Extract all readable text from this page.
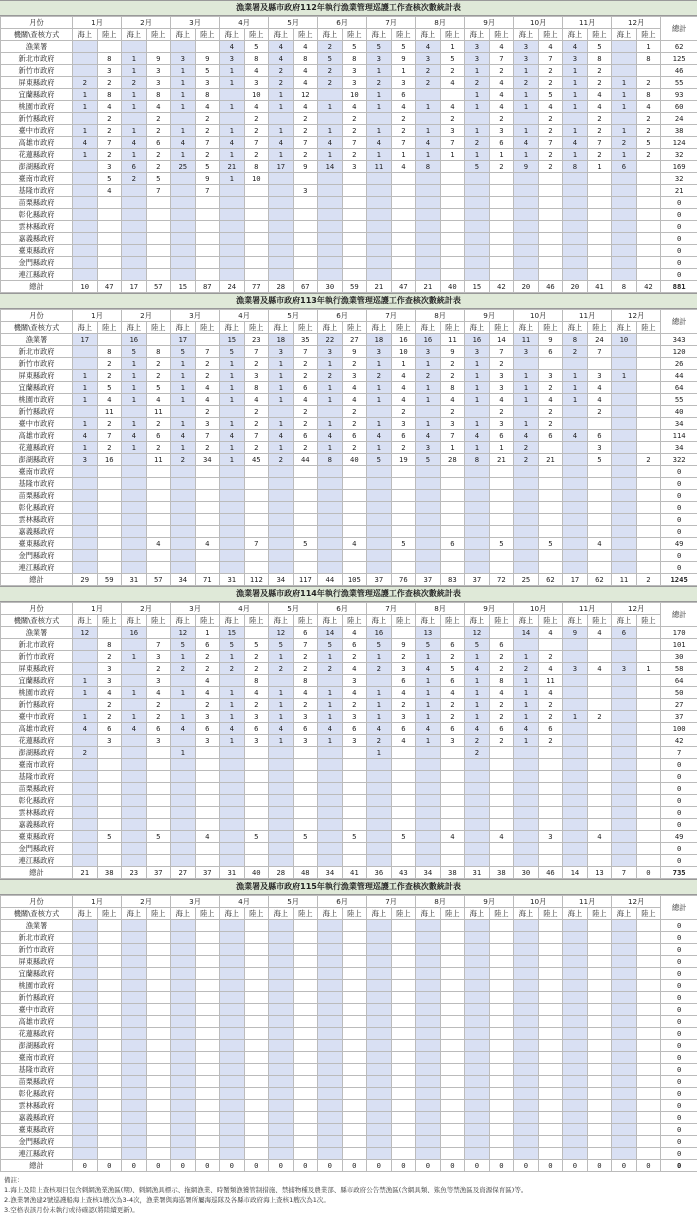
漁業署及縣市政府112年執行漁業管理巡護工作查核次數統計表
月份	1月		2月		3月		4月		5月		6月		7月		8月		9月		10月		11月		12月		總計
機關\查核方式	海上	陸上	海上	陸上	海上	陸上	海上	陸上	海上	陸上	海上	陸上	海上	陸上	海上	陸上	海上	陸上	海上	陸上	海上	陸上	海上	陸上	
漁業署							4	5	4	4	2	5	5	5	4	1	3	4	3	4	4	5		1	62
新北市政府		8	1	9	3	9	3	8	4	8	5	8	3	9	3	5	3	7	3	7	3	8		8	125
新竹市政府		3	1	3	1	5	1	4	2	4	2	3	1	1	2	2	1	2	1	2	1	2			46
屏東縣政府	2	2	2	3	1	3	1	3	2	4	2	3	2	3	2	4	2	4	2	2	1	2	1	2	55
宜蘭縣政府	1	8	1	8	1	8		10	1	12		10	1	6			1	4	1	5	1	4	1	8	93
桃園市政府	1	4	1	4	1	4	1	4	1	4	1	4	1	4	1	4	1	4	1	4	1	4	1	4	60
新竹縣政府		2		2		2		2		2		2		2		2		2		2		2		2	24
臺中市政府	1	2	1	2	1	2	1	2	1	2	1	2	1	2	1	3	1	3	1	2	1	2	1	2	38
高雄市政府	4	7	4	6	4	7	4	7	4	7	4	7	4	7	4	7	2	6	4	7	4	7	2	5	124
花蓮縣政府	1	2	1	2	1	2	1	2	1	2	1	2	1	1	1	1	1	1	1	2	1	2	1	2	32
澎湖縣政府		3	6	2	25	5	21	8	17	9	14	3	11	4	8		5	2	9	2	8	1	6		169
臺南市政府		5	2	5		9	1	10																	32
基隆市政府		4		7		7				3															21
苗栗縣政府																									0
彰化縣政府																									0
雲林縣政府																									0
嘉義縣政府																									0
臺東縣政府																									0
金門縣政府																									0
連江縣政府																									0
總計	10	47	17	57	15	87	24	77	28	67	30	59	21	47	21	40	15	42	20	46	20	41	8	42	881
漁業署及縣市政府113年執行漁業管理巡護工作查核次數統計表
月份	1月		2月		3月		4月		5月		6月		7月		8月		9月		10月		11月		12月		總計
機關\查核方式	海上	陸上	海上	陸上	海上	陸上	海上	陸上	海上	陸上	海上	陸上	海上	陸上	海上	陸上	海上	陸上	海上	陸上	海上	陸上	海上	陸上	
漁業署	17		16		17		15	23	18	35	22	27	18	16	16	11	16	14	11	9	8	24	10		343
新北市政府		8	5	8	5	7	5	7	3	7	3	9	3	10	3	9	3	7	3	6	2	7			120
新竹市政府		2	1	2	1	2	1	2	1	2	1	2	1	1	1	2	1	2							26
屏東縣政府	1	2	1	2	1	2	1	3	1	2	2	3	2	4	2	2	1	3	1	3	1	3	1		44
宜蘭縣政府	1	5	1	5	1	4	1	8	1	6	1	4	1	4	1	8	1	3	1	2	1	4			64
桃園市政府	1	4	1	4	1	4	1	4	1	4	1	4	1	4	1	4	1	4	1	4	1	4			55
新竹縣政府		11		11		2		2		2		2		2		2		2		2		2			40
臺中市政府	1	2	1	2	1	3	1	2	1	2	1	2	1	3	1	3	1	3	1	2					34
高雄市政府	4	7	4	6	4	7	4	7	4	6	4	6	4	6	4	7	4	6	4	6	4	6			114
花蓮縣政府	1	2	1	2	1	2	1	2	1	2	1	2	1	2	3	1	1	1	2			3			34
澎湖縣政府	3	16		11	2	34	1	45	2	44	8	40	5	19	5	28	8	21	2	21		5		2	322
臺南市政府																									0
基隆市政府																									0
苗栗縣政府																									0
彰化縣政府																									0
雲林縣政府																									0
嘉義縣政府																									0
臺東縣政府				4		4		7		5		4		5		6		5		5		4			49
金門縣政府																									0
連江縣政府																									0
總計	29	59	31	57	34	71	31	112	34	117	44	105	37	76	37	83	37	72	25	62	17	62	11	2	1245
漁業署及縣市政府114年執行漁業管理巡護工作查核次數統計表
月份	1月		2月		3月		4月		5月		6月		7月		8月		9月		10月		11月		12月		總計
機關\查核方式	海上	陸上	海上	陸上	海上	陸上	海上	陸上	海上	陸上	海上	陸上	海上	陸上	海上	陸上	海上	陸上	海上	陸上	海上	陸上	海上	陸上	
漁業署	12		16		12	1	15		12	6	14	4	16		13		12		14	4	9	4	6		170
新北市政府		8		7	5	6	5	5	5	7	5	6	5	9	5	6	5	6							101
新竹市政府		2	1	3	1	2	1	2	1	2	1	2	1	2	1	2	1	2	1	2					30
屏東縣政府		3		2	2	2	2	2	2	2	2	4	2	3	4	5	4	2	2	4	3	4	3	1	58
宜蘭縣政府	1	3		3		4		8		8		3		6	1	6	1	8	1	11					64
桃園市政府	1	4	1	4	1	4	1	4	1	4	1	4	1	4	1	4	1	4	1	4					50
新竹縣政府		2		2		2	1	2	1	2	1	2	1	2	1	2	1	2	1	2					27
臺中市政府	1	2	1	2	1	3	1	3	1	3	1	3	1	3	1	2	1	2	1	2	1	2			37
高雄市政府	4	6	4	6	4	6	4	6	4	6	4	6	4	6	4	6	4	6	4	6					100
花蓮縣政府		3		3		3	1	3	1	3	1	3	2	4	1	3	2	2	1	2					42
澎湖縣政府	2				1								1				2								7
臺南市政府																									0
基隆市政府																									0
苗栗縣政府																									0
彰化縣政府																									0
雲林縣政府																									0
嘉義縣政府																									0
臺東縣政府		5		5		4		5		5		5		5		4		4		3		4			49
金門縣政府																									0
連江縣政府																									0
總計	21	38	23	37	27	37	31	40	28	48	34	41	36	43	34	38	31	38	30	46	14	13	7	0	735
漁業署及縣市政府115年執行漁業管理巡護工作查核次數統計表
月份	1月		2月		3月		4月		5月		6月		7月		8月		9月		10月		11月		12月		總計
機關\查核方式	海上	陸上	海上	陸上	海上	陸上	海上	陸上	海上	陸上	海上	陸上	海上	陸上	海上	陸上	海上	陸上	海上	陸上	海上	陸上	海上	陸上	
漁業署																									0
新北市政府																									0
新竹市政府																									0
屏東縣政府																									0
宜蘭縣政府																									0
桃園市政府																									0
新竹縣政府																									0
臺中市政府																									0
高雄市政府																									0
花蓮縣政府																									0
澎湖縣政府																									0
臺南市政府																									0
基隆市政府																									0
苗栗縣政府																									0
彰化縣政府																									0
雲林縣政府																									0
嘉義縣政府																									0
臺東縣政府																									0
金門縣政府																									0
連江縣政府																									0
總計	0	0	0	0	0	0	0	0	0	0	0	0	0	0	0	0	0	0	0	0	0	0	0	0	0
備註：
1.海上及陸上查核項目包含刺網漁業漁區(期)、刺網漁具標示、拖網漁業、時蟹類漁獲管制措施、禁捕物種及農業部、縣市政府公告禁漁區(含網具類、鯊魚等禁漁區及資源保育區)等。
2.漁業署漁建2號巡護船海上查核1艘次為3-4次，漁業署與海巡署所屬海巡隊及各縣市政府海上查核1艘次為1次。
3.空格表該月份未執行或待確認(將陸續更新)。
